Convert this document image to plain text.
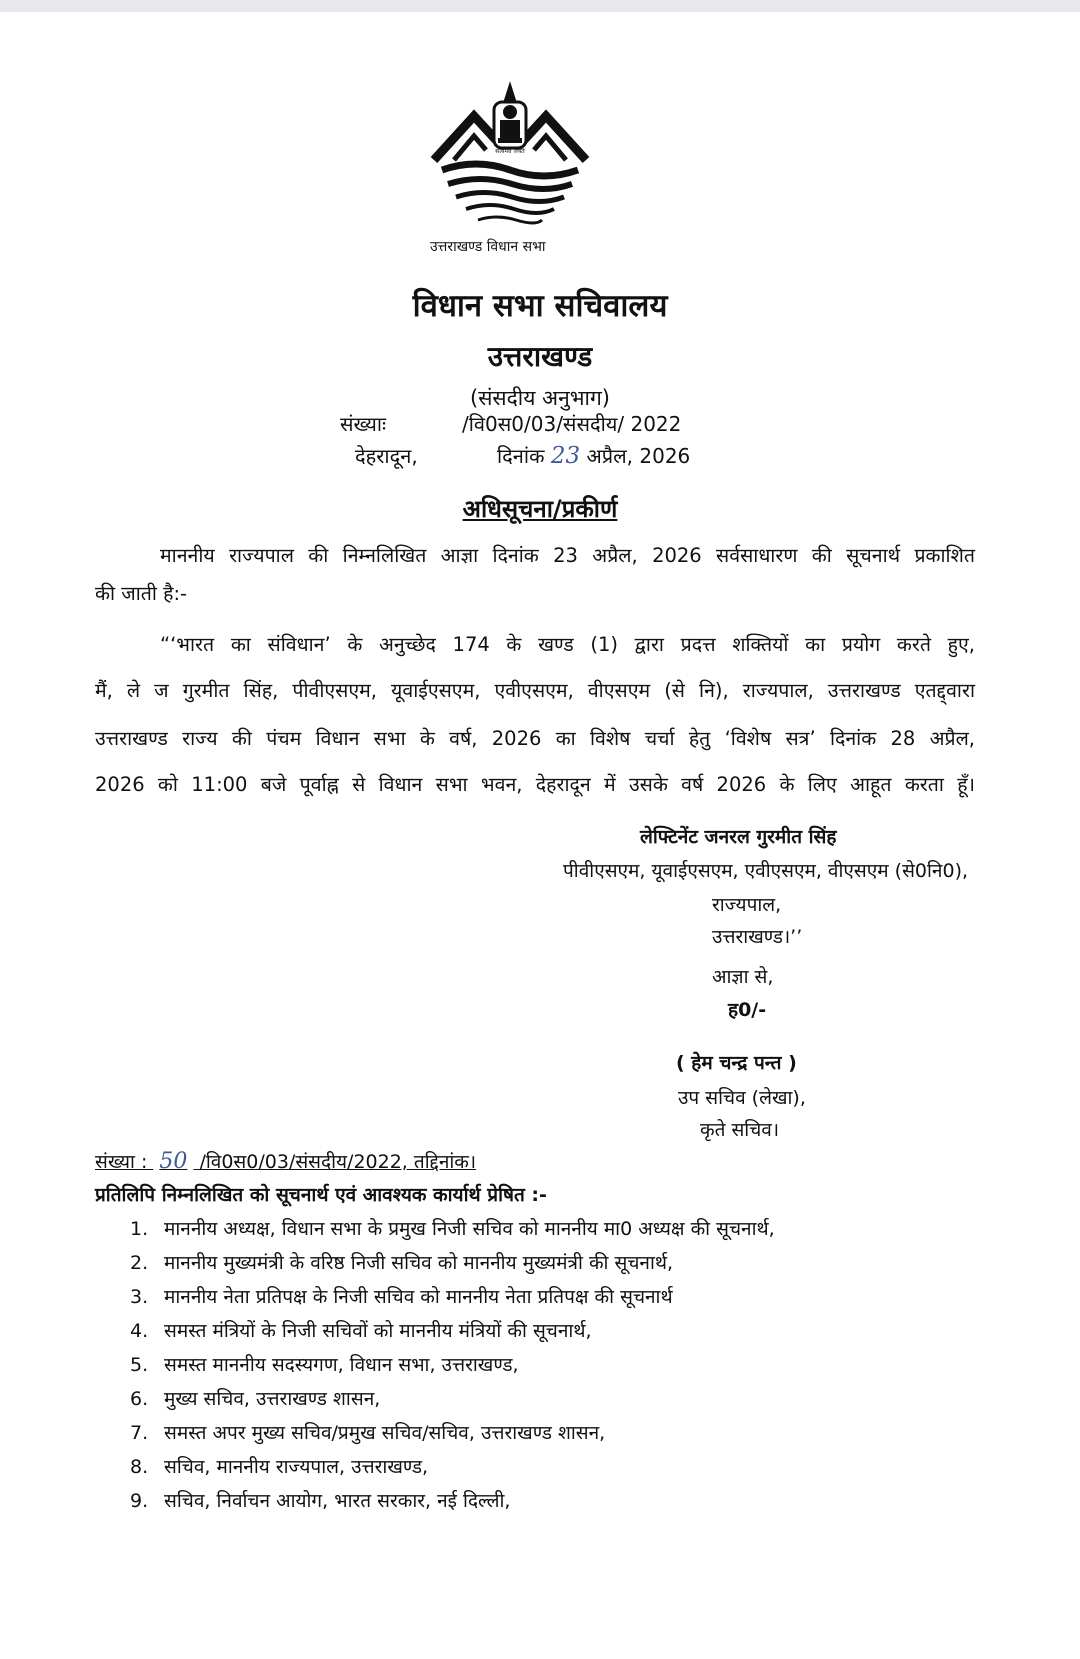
सत्यमेव जयते
उत्तराखण्ड विधान सभा
विधान सभा सचिवालय
उत्तराखण्ड
(संसदीय अनुभाग)
संख्याः	/वि0स0/03/संसदीय/ 2022
देहरादून,	दिनांक 23 अप्रैल, 2026
अधिसूचना/प्रकीर्ण
माननीय राज्यपाल की निम्नलिखित आज्ञा दिनांक 23 अप्रैल, 2026 सर्वसाधारण की सूचनार्थ प्रकाशित
की जाती है:-
“‘भारत का संविधान’ के अनुच्छेद 174 के खण्ड (1) द्वारा प्रदत्त शक्तियों का प्रयोग करते हुए,
मैं, ले ज गुरमीत सिंह, पीवीएसएम, यूवाईएसएम, एवीएसएम, वीएसएम (से नि), राज्यपाल, उत्तराखण्ड एतद्द्वारा
उत्तराखण्ड राज्य की पंचम विधान सभा के वर्ष, 2026 का विशेष चर्चा हेतु ‘विशेष सत्र’ दिनांक 28 अप्रैल,
2026 को 11:00 बजे पूर्वाह्न से विधान सभा भवन, देहरादून में उसके वर्ष 2026 के लिए आहूत करता हूँ।
लेफ्टिनेंट जनरल गुरमीत सिंह
पीवीएसएम, यूवाईएसएम, एवीएसएम, वीएसएम (से0नि0),
राज्यपाल,
उत्तराखण्ड।’’
आज्ञा से,
ह0/-
( हेम चन्द्र पन्त )
उप सचिव (लेखा),
कृते सचिव।
संख्या : 50 /वि0स0/03/संसदीय/2022, तद्दिनांक।
प्रतिलिपि निम्नलिखित को सूचनार्थ एवं आवश्यक कार्यार्थ प्रेषित :-
1. माननीय अध्यक्ष, विधान सभा के प्रमुख निजी सचिव को माननीय मा0 अध्यक्ष की सूचनार्थ,
2. माननीय मुख्यमंत्री के वरिष्ठ निजी सचिव को माननीय मुख्यमंत्री की सूचनार्थ,
3. माननीय नेता प्रतिपक्ष के निजी सचिव को माननीय नेता प्रतिपक्ष की सूचनार्थ
4. समस्त मंत्रियों के निजी सचिवों को माननीय मंत्रियों की सूचनार्थ,
5. समस्त माननीय सदस्यगण, विधान सभा, उत्तराखण्ड,
6. मुख्य सचिव, उत्तराखण्ड शासन,
7. समस्त अपर मुख्य सचिव/प्रमुख सचिव/सचिव, उत्तराखण्ड शासन,
8. सचिव, माननीय राज्यपाल, उत्तराखण्ड,
9. सचिव, निर्वाचन आयोग, भारत सरकार, नई दिल्ली,
